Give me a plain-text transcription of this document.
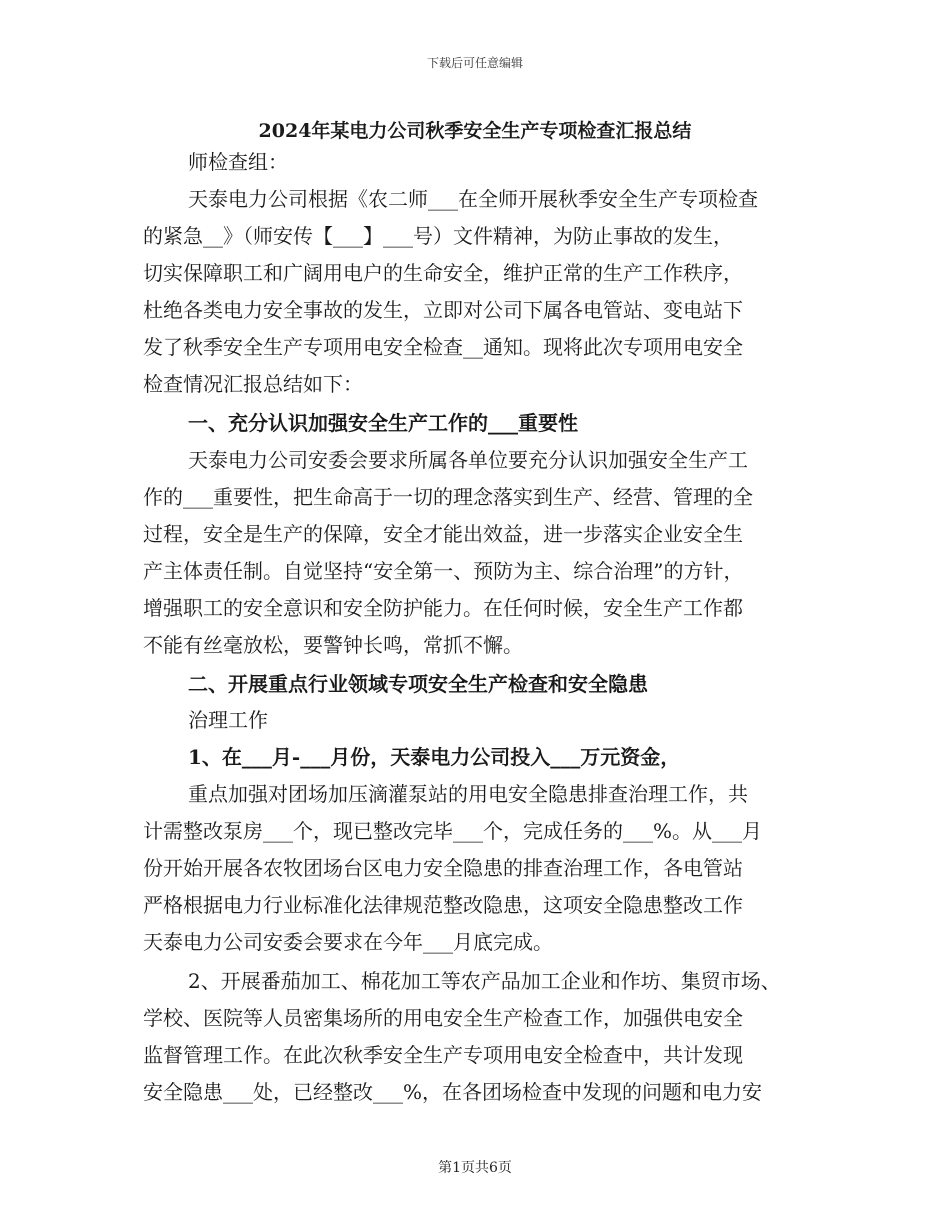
下载后可任意编辑
2024年某电力公司秋季安全生产专项检查汇报总结
师检查组：
天泰电力公司根据《农二师___在全师开展秋季安全生产专项检查
的紧急__》（师安传【___】___号）文件精神，为防止事故的发生，
切实保障职工和广阔用电户的生命安全，维护正常的生产工作秩序，
杜绝各类电力安全事故的发生，立即对公司下属各电管站、变电站下
发了秋季安全生产专项用电安全检查__通知。现将此次专项用电安全
检查情况汇报总结如下：
一、充分认识加强安全生产工作的___重要性
天泰电力公司安委会要求所属各单位要充分认识加强安全生产工
作的___重要性，把生命高于一切的理念落实到生产、经营、管理的全
过程，安全是生产的保障，安全才能出效益，进一步落实企业安全生
产主体责任制。自觉坚持“安全第一、预防为主、综合治理”的方针，
增强职工的安全意识和安全防护能力。在任何时候，安全生产工作都
不能有丝毫放松，要警钟长鸣，常抓不懈。
二、开展重点行业领域专项安全生产检查和安全隐患
治理工作
1、在___月-___月份，天泰电力公司投入___万元资金，
重点加强对团场加压滴灌泵站的用电安全隐患排查治理工作，共
计需整改泵房___个，现已整改完毕___个，完成任务的___%。从___月
份开始开展各农牧团场台区电力安全隐患的排查治理工作，各电管站
严格根据电力行业标准化法律规范整改隐患，这项安全隐患整改工作
天泰电力公司安委会要求在今年___月底完成。
2、开展番茄加工、棉花加工等农产品加工企业和作坊、集贸市场、
学校、医院等人员密集场所的用电安全生产检查工作，加强供电安全
监督管理工作。在此次秋季安全生产专项用电安全检查中，共计发现
安全隐患___处，已经整改___%，在各团场检查中发现的问题和电力安
第1页共6页
